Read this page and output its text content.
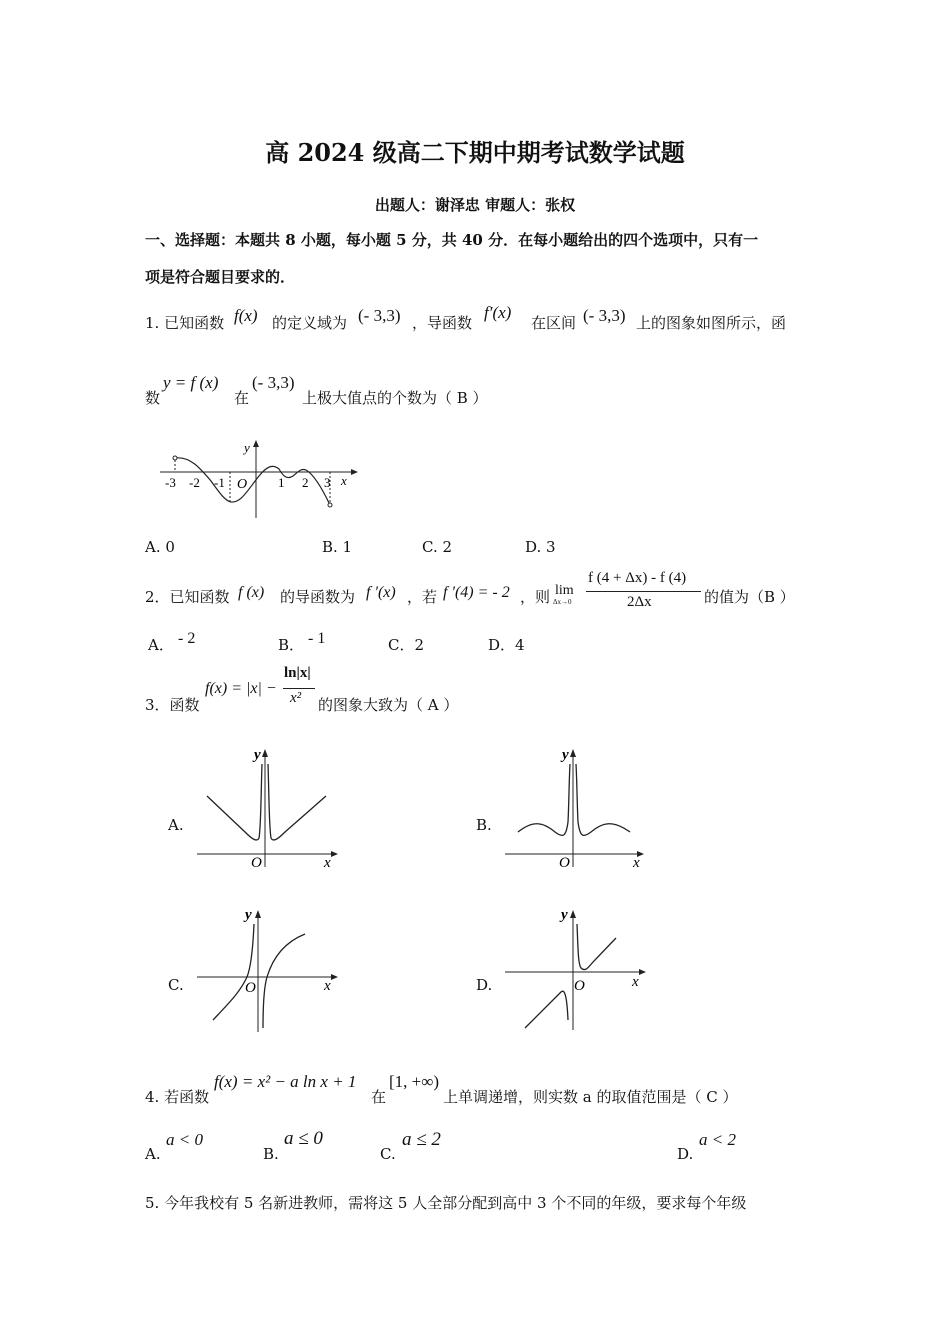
高 2024 级高二下期中期考试数学试题
出题人：谢泽忠 审题人：张权
一、选择题：本题共 8 小题，每小题 5 分，共 40 分．在每小题给出的四个选项中，只有一
项是符合题目要求的．
1. 已知函数 f(x) 的定义域为 (- 3,3) ，导函数
f′(x)
在区间 (- 3,3) 上的图象如图所示，函
数
y = f (x)
在
(- 3,3)
上极大值点的个数为（ B ）
-3 -2 -1	1 2 3
O	x
y
A. 0	B. 1	C. 2	D. 3
2．已知函数 f (x) 的导函数为 f ′(x) ，若 f ′(4) = - 2 ，则 lim
Δx→0
f (4 + Δx) - f (4)
2Δx	的值为（B ）
A． - 2	B． - 1	C．2	D．4
3．函数
f(x) = |x| −
ln|x|
x² 的图象大致为（ A ）
A.
O	x
y
B.
O	x
y
C.	O	x
y
D.	O	x
y
4. 若函数
f(x) = x² − a ln x + 1
在
[1, +∞)
上单调递增，则实数 a 的取值范围是（ C ）
A.
a < 0
B.
a ≤ 0
C.
a ≤ 2
D.
a < 2
5. 今年我校有 5 名新进教师，需将这 5 人全部分配到高中 3 个不同的年级，要求每个年级
